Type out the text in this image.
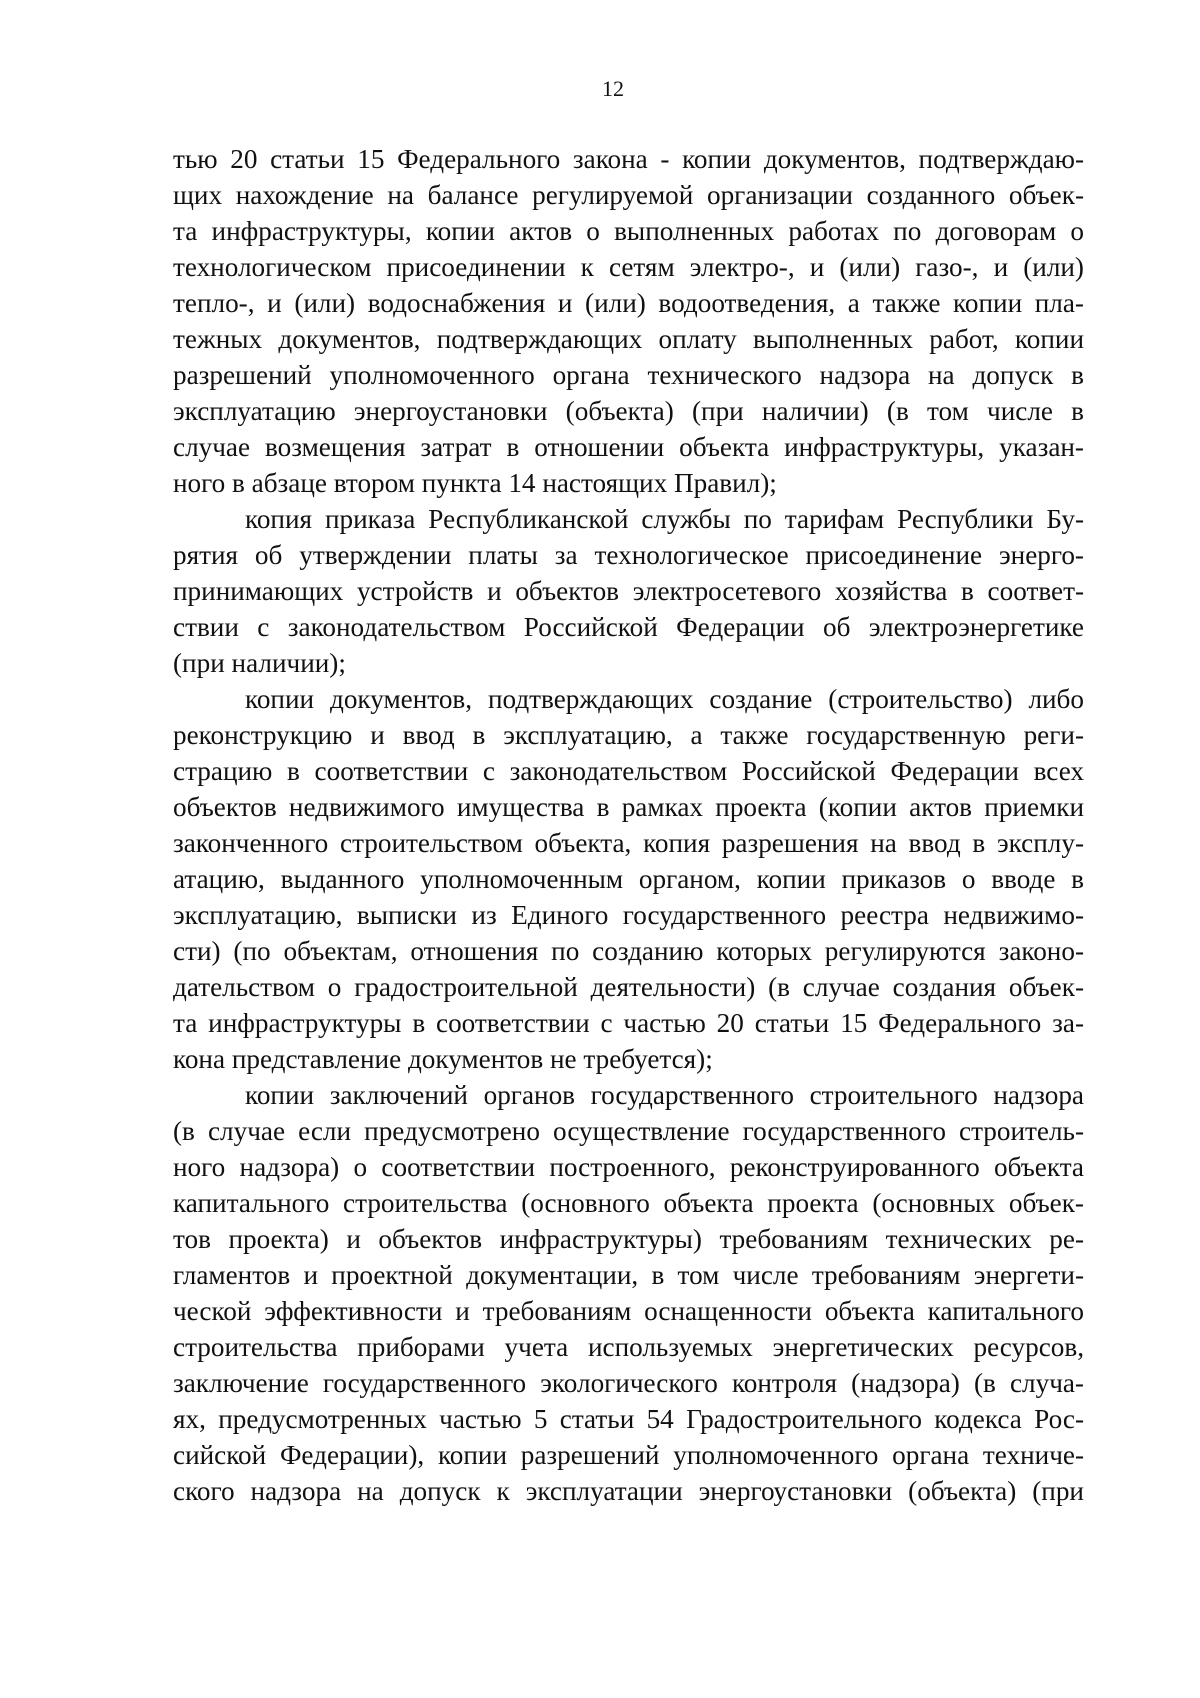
12
тью 20 статьи 15 Федерального закона - копии документов, подтверждаю-
щих нахождение на балансе регулируемой организации созданного объек-
та инфраструктуры, копии актов о выполненных работах по договорам о
технологическом присоединении к сетям электро-, и (или) газо-, и (или)
тепло-, и (или) водоснабжения и (или) водоотведения, а также копии пла-
тежных документов, подтверждающих оплату выполненных работ, копии
разрешений уполномоченного органа технического надзора на допуск в
эксплуатацию энергоустановки (объекта) (при наличии) (в том числе в
случае возмещения затрат в отношении объекта инфраструктуры, указан-
ного в абзаце втором пункта 14 настоящих Правил);
копия приказа Республиканской службы по тарифам Республики Бу-
рятия об утверждении платы за технологическое присоединение энерго-
принимающих устройств и объектов электросетевого хозяйства в соответ-
ствии с законодательством Российской Федерации об электроэнергетике
(при наличии);
копии документов, подтверждающих создание (строительство) либо
реконструкцию и ввод в эксплуатацию, а также государственную реги-
страцию в соответствии с законодательством Российской Федерации всех
объектов недвижимого имущества в рамках проекта (копии актов приемки
законченного строительством объекта, копия разрешения на ввод в эксплу-
атацию, выданного уполномоченным органом, копии приказов о вводе в
эксплуатацию, выписки из Единого государственного реестра недвижимо-
сти) (по объектам, отношения по созданию которых регулируются законо-
дательством о градостроительной деятельности) (в случае создания объек-
та инфраструктуры в соответствии с частью 20 статьи 15 Федерального за-
кона представление документов не требуется);
копии заключений органов государственного строительного надзора
(в случае если предусмотрено осуществление государственного строитель-
ного надзора) о соответствии построенного, реконструированного объекта
капитального строительства (основного объекта проекта (основных объек-
тов проекта) и объектов инфраструктуры) требованиям технических ре-
гламентов и проектной документации, в том числе требованиям энергети-
ческой эффективности и требованиям оснащенности объекта капитального
строительства приборами учета используемых энергетических ресурсов,
заключение государственного экологического контроля (надзора) (в случа-
ях, предусмотренных частью 5 статьи 54 Градостроительного кодекса Рос-
сийской Федерации), копии разрешений уполномоченного органа техниче-
ского надзора на допуск к эксплуатации энергоустановки (объекта) (при
